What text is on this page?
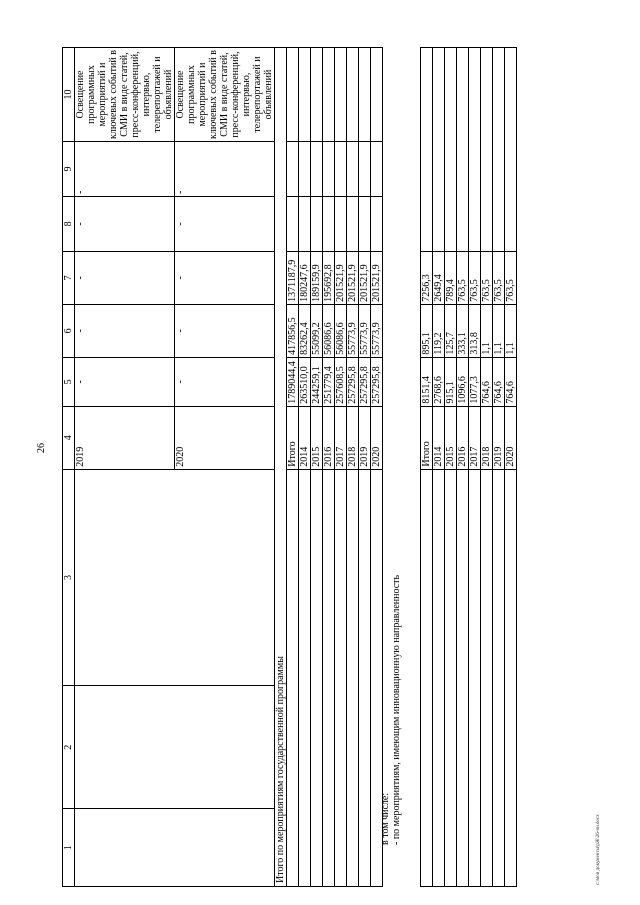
26
1	2	3	4	5	6	7	8	9	10
			2019	-	-	-	-	-	Освещение программных мероприятий и ключевых событий в СМИ в виде статей, пресс-конференций, интервью, телерепортажей и объявлений
			2020	-	-	-	-	-	Освещение программных мероприятий и ключевых событий в СМИ в виде статей, пресс-конференций, интервью, телерепортажей и объявлений
Итого по мероприятиям государственной программы									
			Итого	1789044,4	417856,5	1371187,9			
			2014	263510,0	83262,4	180247,6			
			2015	244259,1	55099,2	189159,9			
			2016	251779,4	56086,6	195692,8			
			2017	257608,5	56086,6	201521,9			
			2018	257295,8	55773,9	201521,9			
			2019	257295,8	55773,9	201521,9			
			2020	257295,8	55773,9	201521,9			
в том числе: - по мероприятиям, имеющим инновационную направленность
	Итого	8151,4	895,1	7256,3	
	2014	2768,6	119,2	2649,4	
	2015	915,1	125,7	789,4	
	2016	1096,6	333,1	763,5	
	2017	1077,3	313,8	763,5	
	2018	764,6	1,1	763,5	
	2019	764,6	1,1	763,5	
	2020	764,6	1,1	763,5	
c:\мои документы\рЖ\26-ни.docx
